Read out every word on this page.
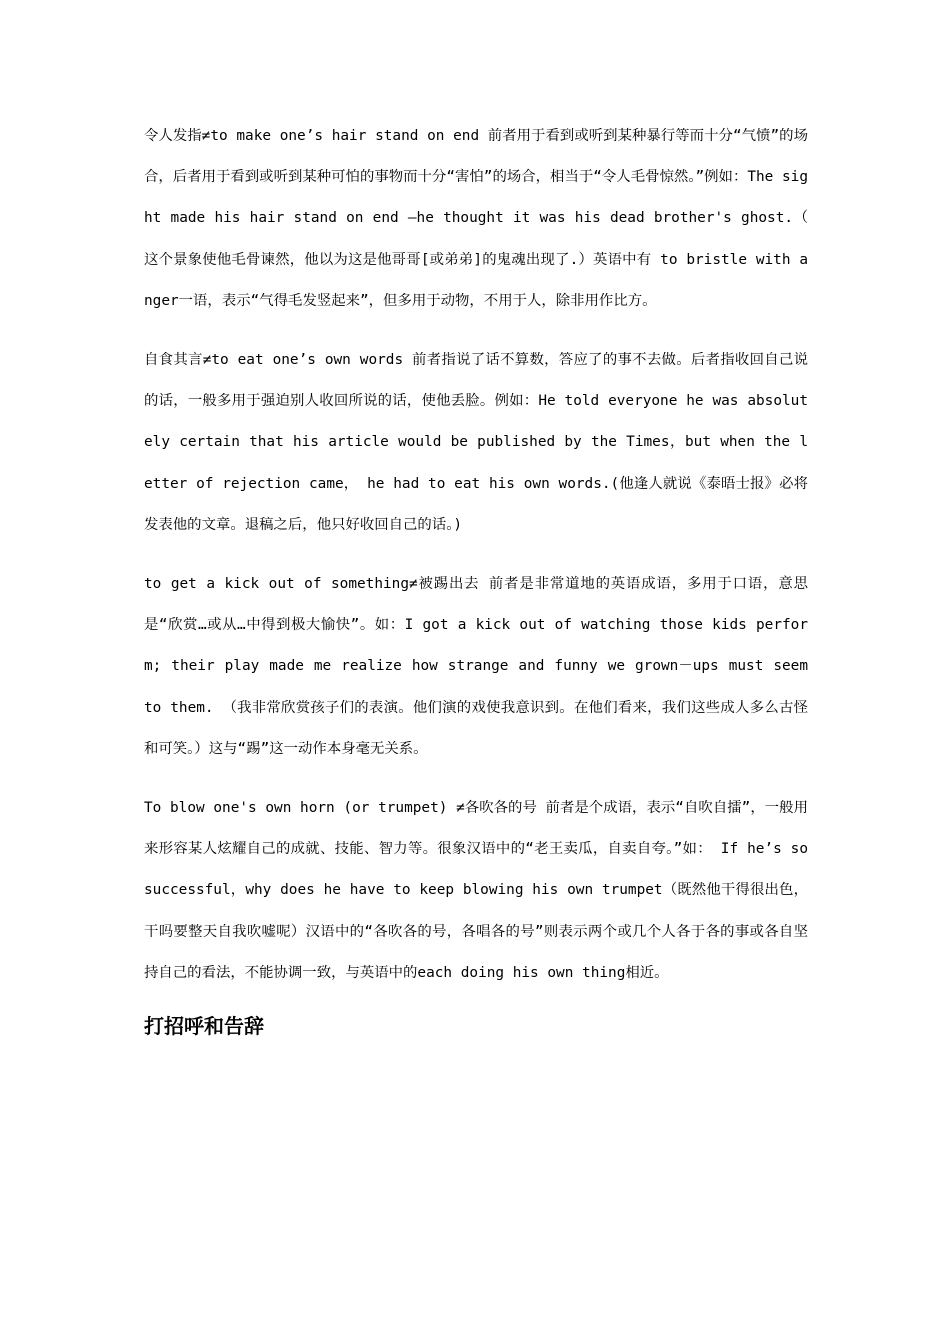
令人发指≠to make one’s hair stand on end 前者用于看到或听到某种暴行等而十分“气愤”的场合，后者用于看到或听到某种可怕的事物而十分“害怕”的场合，相当于“令人毛骨惊然。”例如：The sight made his hair stand on end —he thought it was his dead brother's ghost.（ 这个景象使他毛骨谏然，他以为这是他哥哥[或弟弟]的鬼魂出现了.）英语中有 to bristle with anger一语，表示“气得毛发竖起来”，但多用于动物，不用于人，除非用作比方。

自食其言≠to eat one’s own words 前者指说了话不算数，答应了的事不去做。后者指收回自己说的话，一般多用于强迫别人收回所说的话，使他丢脸。例如：He told everyone he was absolutely certain that his article would be published by the Times，but when the letter of rejection came， he had to eat his own words.(他逢人就说《泰晤士报》必将发表他的文章。退稿之后，他只好收回自己的话。)

to get a kick out of something≠被踢出去 前者是非常道地的英语成语，多用于口语，意思是“欣赏…或从…中得到极大愉快”。如：I got a kick out of watching those kids perform; their play made me realize how strange and funny we grown－ups must seem to them. （我非常欣赏孩子们的表演。他们演的戏使我意识到。在他们看来，我们这些成人多么古怪和可笑。）这与“踢”这一动作本身毫无关系。

To blow one's own horn (or trumpet) ≠各吹各的号 前者是个成语，表示“自吹自擂”，一般用来形容某人炫耀自己的成就、技能、智力等。很象汉语中的“老王卖瓜，自卖自夸。”如： If he’s so successful，why does he have to keep blowing his own trumpet（既然他干得很出色，干吗要整天自我吹嘘呢）汉语中的“各吹各的号，各唱各的号”则表示两个或几个人各于各的事或各自坚持自己的看法，不能协调一致，与英语中的each doing his own thing相近。

打招呼和告辞
